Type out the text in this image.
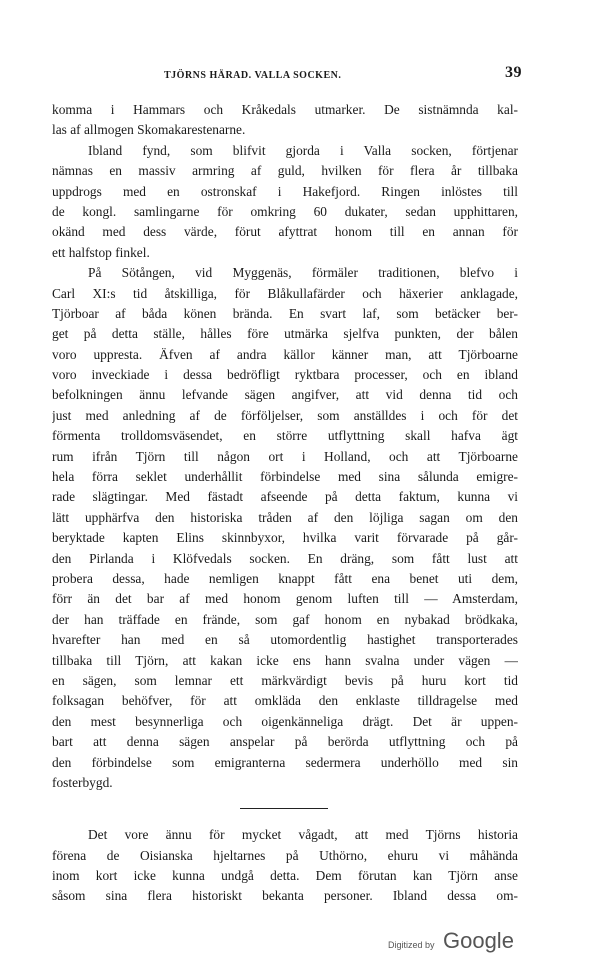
TJÖRNS HÄRAD. VALLA SOCKEN.	39
komma i Hammars och Kråkedals utmarker. De sistnämnda kal-
las af allmogen Skomakarestenarne.
Ibland fynd, som blifvit gjorda i Valla socken, förtjenar
nämnas en massiv armring af guld, hvilken för flera år tillbaka
uppdrogs med en ostronskaf i Hakefjord. Ringen inlöstes till
de kongl. samlingarne för omkring 60 dukater, sedan upphittaren,
okänd med dess värde, förut afyttrat honom till en annan för
ett halfstop finkel.
På Sötången, vid Myggenäs, förmäler traditionen, blefvo i
Carl XI:s tid åtskilliga, för Blåkullafärder och häxerier anklagade,
Tjörboar af båda könen brända. En svart laf, som betäcker ber-
get på detta ställe, hålles före utmärka sjelfva punkten, der bålen
voro uppresta. Äfven af andra källor känner man, att Tjörboarne
voro inveckiade i dessa bedröfligt ryktbara processer, och en ibland
befolkningen ännu lefvande sägen angifver, att vid denna tid och
just med anledning af de förföljelser, som anställdes i och för det
förmenta trolldomsväsendet, en större utflyttning skall hafva ägt
rum ifrån Tjörn till någon ort i Holland, och att Tjörboarne
hela förra seklet underhållit förbindelse med sina sålunda emigre-
rade slägtingar. Med fästadt afseende på detta faktum, kunna vi
lätt upphärfva den historiska tråden af den löjliga sagan om den
beryktade kapten Elins skinnbyxor, hvilka varit förvarade på går-
den Pirlanda i Klöfvedals socken. En dräng, som fått lust att
probera dessa, hade nemligen knappt fått ena benet uti dem,
förr än det bar af med honom genom luften till — Amsterdam,
der han träffade en frände, som gaf honom en nybakad brödkaka,
hvarefter han med en så utomordentlig hastighet transporterades
tillbaka till Tjörn, att kakan icke ens hann svalna under vägen —
en sägen, som lemnar ett märkvärdigt bevis på huru kort tid
folksagan behöfver, för att omkläda den enklaste tilldragelse med
den mest besynnerliga och oigenkänneliga drägt. Det är uppen-
bart att denna sägen anspelar på berörda utflyttning och på
den förbindelse som emigranterna sedermera underhöllo med sin
fosterbygd.
Det vore ännu för mycket vågadt, att med Tjörns historia
förena de Oisianska hjeltarnes på Uthörno, ehuru vi måhända
inom kort icke kunna undgå detta. Dem förutan kan Tjörn anse
såsom sina flera historiskt bekanta personer. Ibland dessa om-
Digitized by Google
